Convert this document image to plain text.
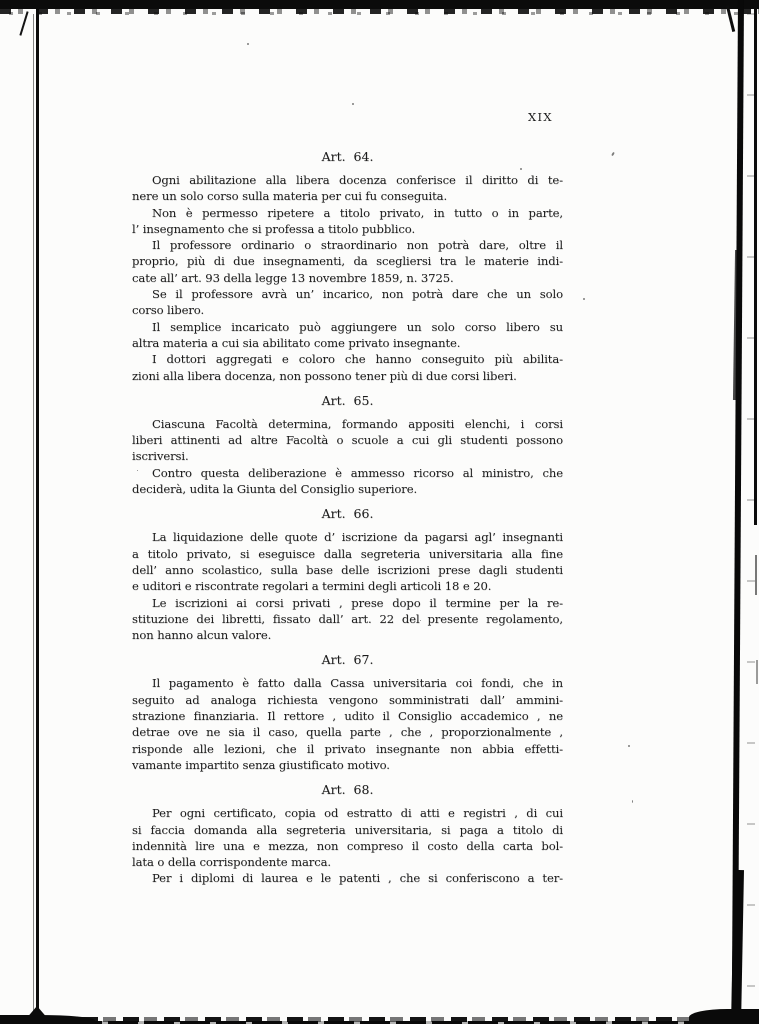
XIX
Art. 64.
Ogni abilitazione alla libera docenza conferisce il diritto di te-
nere un solo corso sulla materia per cui fu conseguita.
Non è permesso ripetere a titolo privato, in tutto o in parte,
l’ insegnamento che si professa a titolo pubblico.
Il professore ordinario o straordinario non potrà dare, oltre il
proprio, più di due insegnamenti, da scegliersi tra le materie indi-
cate all’ art. 93 della legge 13 novembre 1859, n. 3725.
Se il professore avrà un’ incarico, non potrà dare che un solo
corso libero.
Il semplice incaricato può aggiungere un solo corso libero su
altra materia a cui sia abilitato come privato insegnante.
I dottori aggregati e coloro che hanno conseguito più abilita-
zioni alla libera docenza, non possono tener più di due corsi liberi.
Art. 65.
Ciascuna Facoltà determina, formando appositi elenchi, i corsi
liberi attinenti ad altre Facoltà o scuole a cui gli studenti possono
iscriversi.
Contro questa deliberazione è ammesso ricorso al ministro, che
deciderà, udita la Giunta del Consiglio superiore.
Art. 66.
La liquidazione delle quote d’ iscrizione da pagarsi agl’ insegnanti
a titolo privato, si eseguisce dalla segreteria universitaria alla fine
dell’ anno scolastico, sulla base delle iscrizioni prese dagli studenti
e uditori e riscontrate regolari a termini degli articoli 18 e 20.
Le iscrizioni ai corsi privati , prese dopo il termine per la re-
stituzione dei libretti, fissato dall’ art. 22 del presente regolamento,
non hanno alcun valore.
Art. 67.
Il pagamento è fatto dalla Cassa universitaria coi fondi, che in
seguito ad analoga richiesta vengono somministrati dall’ ammini-
strazione finanziaria. Il rettore , udito il Consiglio accademico , ne
detrae ove ne sia il caso, quella parte , che , proporzionalmente ,
risponde alle lezioni, che il privato insegnante non abbia effetti-
vamante impartito senza giustificato motivo.
Art. 68.
Per ogni certificato, copia od estratto di atti e registri , di cui
si faccia domanda alla segreteria universitaria, si paga a titolo di
indennità lire una e mezza, non compreso il costo della carta bol-
lata o della corrispondente marca.
Per i diplomi di laurea e le patenti , che si conferiscono a ter-
